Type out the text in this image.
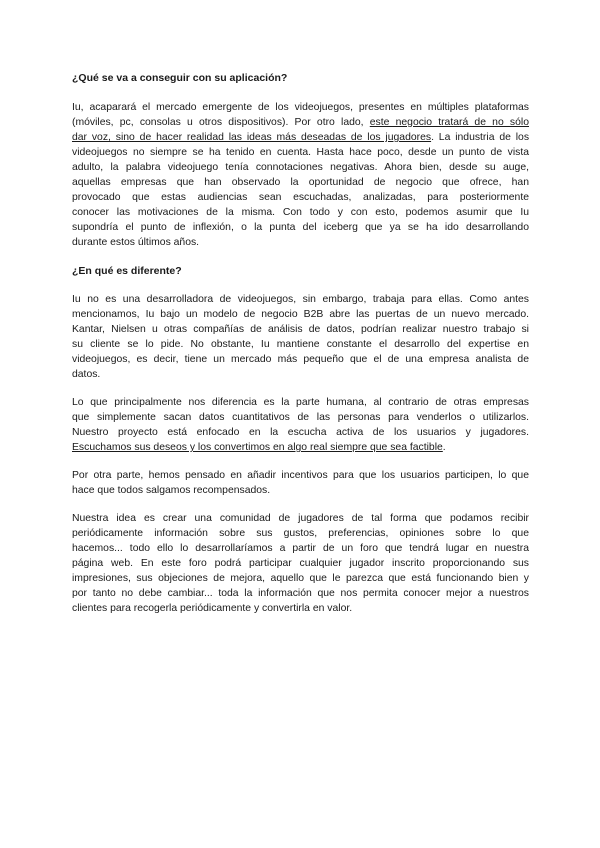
¿Qué se va a conseguir con su aplicación?

Iu, acaparará el mercado emergente de los videojuegos, presentes en múltiples plataformas

(móviles, pc, consolas u otros dispositivos). Por otro lado, este negocio tratará de no sólo

dar voz, sino de hacer realidad las ideas más deseadas de los jugadores. La industria de los

videojuegos no siempre se ha tenido en cuenta. Hasta hace poco, desde un punto de vista

adulto, la palabra videojuego tenía connotaciones negativas. Ahora bien, desde su auge,

aquellas empresas que han observado la oportunidad de negocio que ofrece, han

provocado que estas audiencias sean escuchadas, analizadas, para posteriormente

conocer las motivaciones de la misma. Con todo y con esto, podemos asumir que Iu

supondría el punto de inflexión, o la punta del iceberg que ya se ha ido desarrollando

durante estos últimos años.

¿En qué es diferente?

Iu no es una desarrolladora de videojuegos, sin embargo, trabaja para ellas. Como antes

mencionamos, Iu bajo un modelo de negocio B2B abre las puertas de un nuevo mercado.

Kantar, Nielsen u otras compañías de análisis de datos, podrían realizar nuestro trabajo si

su cliente se lo pide. No obstante, Iu mantiene constante el desarrollo del expertise en

videojuegos, es decir, tiene un mercado más pequeño que el de una empresa analista de

datos.

Lo que principalmente nos diferencia es la parte humana, al contrario de otras empresas

que simplemente sacan datos cuantitativos de las personas para venderlos o utilizarlos.

Nuestro proyecto está enfocado en la escucha activa de los usuarios y jugadores.

Escuchamos sus deseos y los convertimos en algo real siempre que sea factible.

Por otra parte, hemos pensado en añadir incentivos para que los usuarios participen, lo que

hace que todos salgamos recompensados.

Nuestra idea es crear una comunidad de jugadores de tal forma que podamos recibir

periódicamente información sobre sus gustos, preferencias, opiniones sobre lo que

hacemos... todo ello lo desarrollaríamos a partir de un foro que tendrá lugar en nuestra

página web. En este foro podrá participar cualquier jugador inscrito proporcionando sus

impresiones, sus objeciones de mejora, aquello que le parezca que está funcionando bien y

por tanto no debe cambiar... toda la información que nos permita conocer mejor a nuestros

clientes para recogerla periódicamente y convertirla en valor.
